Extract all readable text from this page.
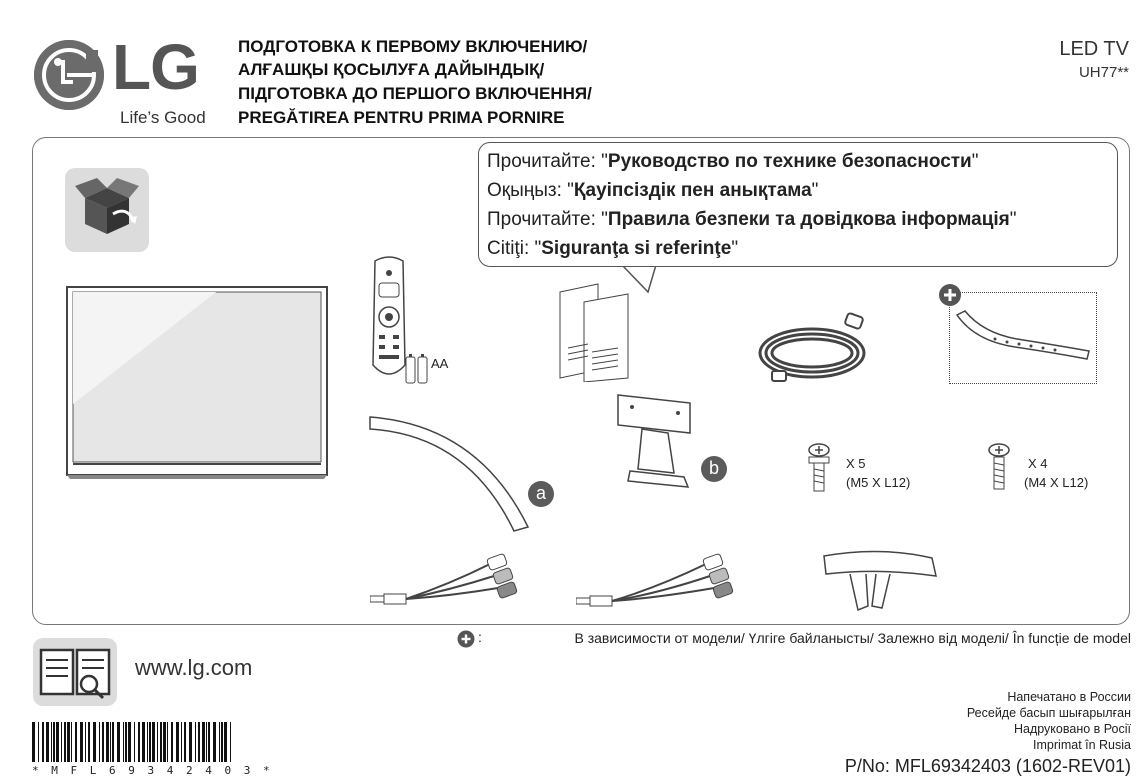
LG
Life’s Good
ПОДГОТОВКА К ПЕРВОМУ ВКЛЮЧЕНИЮ/
АЛҒАШҚЫ ҚОСЫЛУҒА ДАЙЫНДЫҚ/
ПІДГОТОВКА ДО ПЕРШОГО ВКЛЮЧЕННЯ/
PREGĂTIREA PENTRU PRIMA PORNIRE
LED TV
UH77**
Прочитайте: "Руководство по технике безопасности"
Оқыңыз: "Қауіпсіздік пен анықтама"
Прочитайте: "Правила безпеки та довідкова інформація"
Citiţi: "Siguranţa si referinţe"
AA
a
b	X 5
(M5 X L12)
X 4
(M4 X L12)
:	В зависимости от модели/ Үлгіге байланысты/ Залежно від моделі/ În funcție de model
www.lg.com
Напечатано в России
Ресейде басып шығарылған
Надруковано в Росії
Imprimat în Rusia
P/No: MFL69342403 (1602-REV01)
* M F L 6 9 3 4 2 4 0 3 *
